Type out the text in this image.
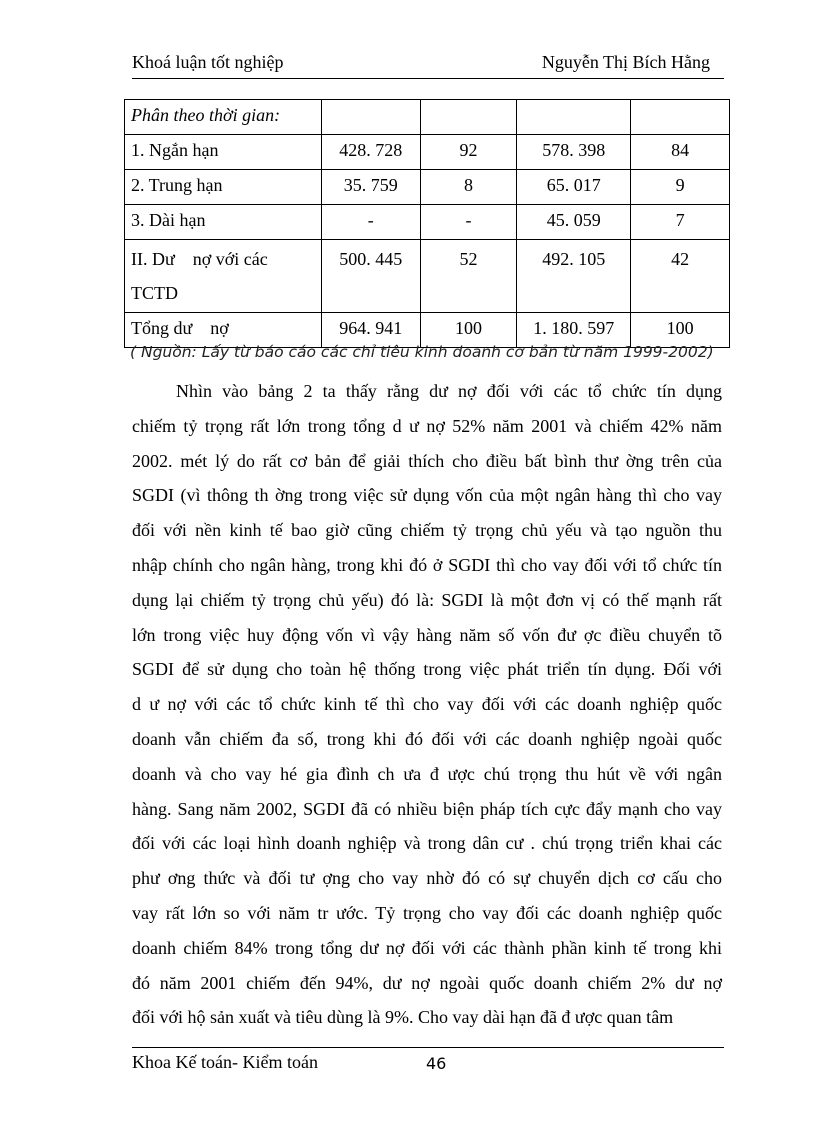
Khoá luận tốt nghiệp	Nguyễn Thị Bích Hằng
Phân theo thời gian:				
1. Ngắn hạn	428. 728	92	578. 398	84
2. Trung hạn	35. 759	8	65. 017	9
3. Dài hạn	-	-	45. 059	7

II. Dư    nợ với các
TCTD	500. 445	52	492. 105	42
Tổng dư    nợ	964. 941	100	1. 180. 597	100
( Nguồn: Lấy từ báo cáo các chỉ tiêu kinh doanh cơ bản từ năm 1999-2002)
Nhìn vào bảng 2 ta thấy rằng dư nợ đối với các tổ chức tín dụng
chiếm tỷ trọng rất lớn trong tổng d ư nợ 52% năm 2001 và chiếm 42% năm
2002. mét lý do rất cơ bản để giải thích cho điều bất bình thư ờng trên của
SGDI (vì thông th ờng trong việc sử dụng vốn của một ngân hàng thì cho vay
đối với nền kinh tế bao giờ cũng chiếm tỷ trọng chủ yếu và tạo nguồn thu
nhập chính cho ngân hàng, trong khi đó ở SGDI thì cho vay đối với tổ chức tín
dụng lại chiếm tỷ trọng chủ yếu) đó là: SGDI là một đơn vị có thế mạnh rất
lớn trong việc huy động vốn vì vậy hàng năm số vốn đư ợc điều chuyển tõ
SGDI để sử dụng cho toàn hệ thống trong việc phát triển tín dụng. Đối với
d ư nợ với các tổ chức kinh tế thì cho vay đối với các doanh nghiệp quốc
doanh vẫn chiếm đa số, trong khi đó đối với các doanh nghiệp ngoài quốc
doanh và cho vay hé gia đình ch ưa đ ược chú trọng thu hút về với ngân
hàng. Sang năm 2002, SGDI đã có nhiều biện pháp tích cực đẩy mạnh cho vay
đối với các loại hình doanh nghiệp và trong dân cư . chú trọng triển khai các
phư ơng thức và đối tư ợng cho vay nhờ đó có sự chuyển dịch cơ cấu cho
vay rất lớn so với năm tr ước. Tỷ trọng cho vay đối các doanh nghiệp quốc
doanh chiếm 84% trong tổng dư nợ đối với các thành phần kinh tế trong khi
đó năm 2001 chiếm đến 94%, dư nợ ngoài quốc doanh chiếm 2% dư nợ
đối với hộ sản xuất và tiêu dùng là 9%. Cho vay dài hạn đã đ ược quan tâm
Khoa Kế toán- Kiểm toán	46
